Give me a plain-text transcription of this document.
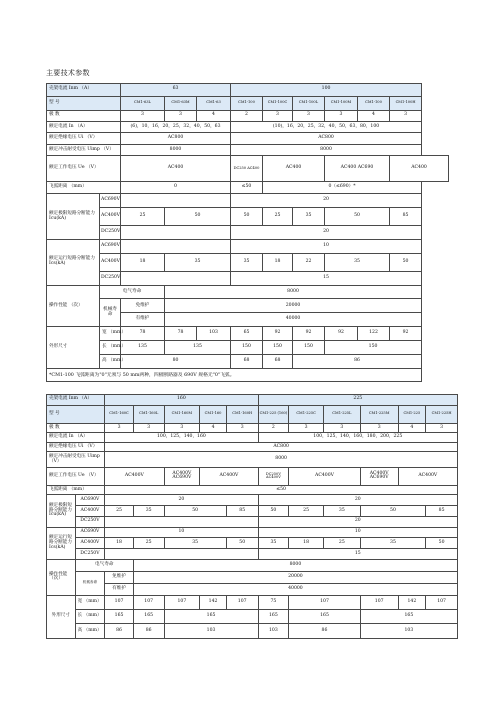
主要技术参数
壳架电流 Inm （A）		63			100					
型 号		CM1-63L	CM1-63M	CM1-63	CM1-100	CM1-100C	CM1-100L	CM1-100M	CM1-100	CM1-100H
极 数		3	3	4	2	3	3	3	4	3
额定电流 In （A）		(6)，10，16，20，25，32，40，50，63			(10)，16，20，25，32，40，50，63，80，100					
额定绝缘电压 Ui （V）		AC800			AC800					
额定冲击耐受电压 Uimp （V）		8000			8000					
额定工作电压 Ue （V）		AC400			DC250 AC400	AC400		AC400 AC690		AC400
飞弧距离 （mm）		0			≤50	0（≤690）*				
额定极限短路分断能力 Icu(kA)	AC690V				20					
	AC400V	25	50		50	25	35	50		85
	DC250V				20					
额定运行短路分断能力 Ics(kA)	AC690V				10					
	AC400V	18	35		35	18	22	35		50
	DC250V				15					
操作性能 （次）	电气寿命		8000							
	机械寿命	免维护	20000							
		有维护	40000							
外形尺寸	宽 （mm）	78	78	103	65	92	92	92	122	92
	长 （mm）	135	135		150	150	150	150		
	高 （mm）	80			68	68	86			
*CM1-100 飞弧距离为"0"无须与 50 mm两种，四极断路器及 690V 规格无"0"飞弧。										
壳架电流 Inm （A）		160					225					
型 号		CM1-160C	CM1-160L	CM1-160M	CM1-160	CM1-160H	CM1-225 (160)	CM1-225C	CM1-225L	CM1-225M	CM1-225	CM1-225H
极 数		3	3	3	4	3	2	3	3	3	4	3
额定电流 In （A）		100，125，140，160					100，125，140，160，180，200，225					
额定绝缘电压 Ui （V）		AC800										
额定冲击耐受电压 Uimp （V）		8000										
额定工作电压 Ue （V）		AC400V		AC400V AC690V	AC400V		DC250V AC400V	AC400V		AC400V AC690V	AC400V	
飞弧距离 （mm）		≤50										
额定极限短路分断能力 Icu(kA)	AC690V	20					20					
	AC400V	25	35	50		85	50	25	35	50		85
	DC250V						20					
额定运行短路分断能力 Ics(kA)	AC690V	10					10					
	AC400V	18	25	35		50	35	18	25	35		50
	DC250V						15					
操作性能（次）	电气寿命		8000									
	机械寿命	免维护	20000									
		有维护	40000									
外形尺寸	宽 （mm）	107	107	107	142	107	75	107		107	142	107
	长 （mm）	165	165	165			165	165		165		
	高 （mm）	86	86	103			103	86		103		
